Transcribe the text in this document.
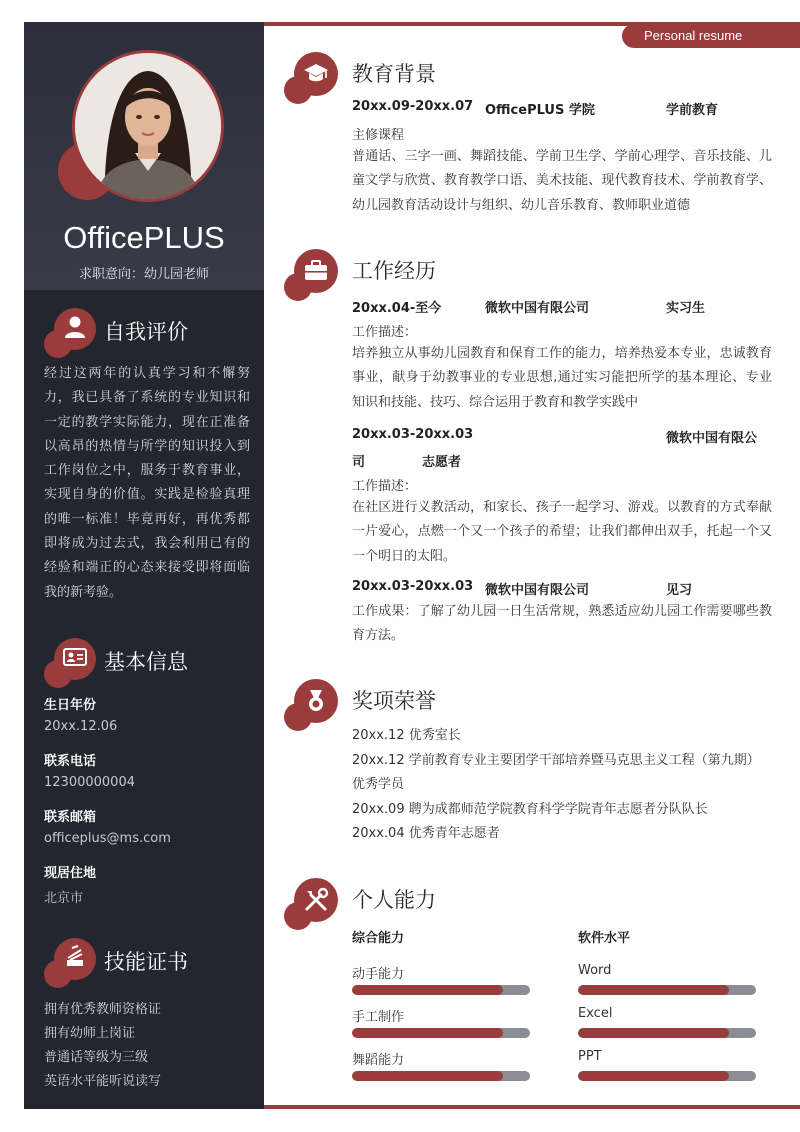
OfficePLUS
求职意向：幼儿园老师
自我评价
经过这两年的认真学习和不懈努力，我已具备了系统的专业知识和一定的教学实际能力，现在正准备以高昂的热情与所学的知识投入到工作岗位之中，服务于教育事业，实现自身的价值。实践是检验真理的唯一标准！毕竟再好，再优秀都即将成为过去式，我会利用已有的经验和端正的心态来接受即将面临我的新考验。
基本信息
生日年份
20xx.12.06
联系电话
12300000004
联系邮箱
officeplus@ms.com
现居住地
北京市
技能证书
拥有优秀教师资格证
拥有幼师上岗证
普通话等级为三级
英语水平能听说读写
Personal resume
教育背景
20xx.09-20xx.07 OfficePLUS 学院	学前教育
主修课程
普通话、三字一画、舞蹈技能、学前卫生学、学前心理学、音乐技能、儿童文学与欣赏、教育教学口语、美术技能、现代教育技术、学前教育学、幼儿园教育活动设计与组织、幼儿音乐教育、教师职业道德
工作经历
20xx.04-至今	微软中国有限公司	实习生
工作描述：
培养独立从事幼儿园教育和保育工作的能力，培养热爱本专业，忠诚教育事业，献身于幼教事业的专业思想,通过实习能把所学的基本理论、专业知识和技能、技巧、综合运用于教育和教学实践中
20xx.03-20xx.03	微软中国有限公
司	志愿者
工作描述：
在社区进行义教活动，和家长、孩子一起学习、游戏。以教育的方式奉献一片爱心，点燃一个又一个孩子的希望；让我们都伸出双手，托起一个又一个明日的太阳。
20xx.03-20xx.03 微软中国有限公司	见习
工作成果：了解了幼儿园一日生活常规，熟悉适应幼儿园工作需要哪些教育方法。
奖项荣誉
20xx.12 优秀室长
20xx.12 学前教育专业主要团学干部培养暨马克思主义工程（第九期）优秀学员
20xx.09 聘为成都师范学院教育科学学院青年志愿者分队队长
20xx.04 优秀青年志愿者
个人能力
综合能力	软件水平
动手能力
手工制作
舞蹈能力
Word
Excel
PPT
